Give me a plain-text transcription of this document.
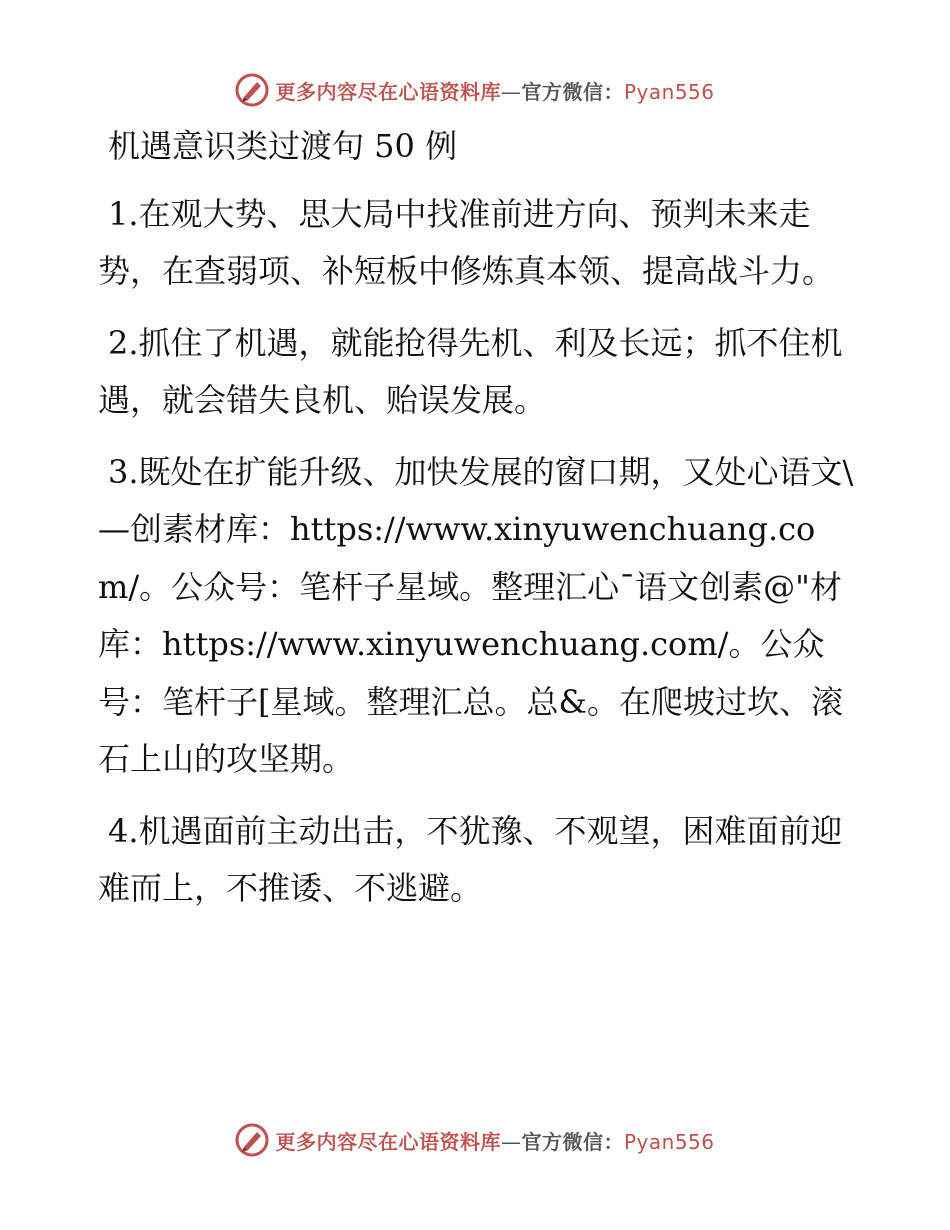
更多内容尽在心语资料库—官方微信：Pyan556
机遇意识类过渡句 50 例

1.在观大势、思大局中找准前进方向、预判未来走势，在查弱项、补短板中修炼真本领、提高战斗力。

2.抓住了机遇，就能抢得先机、利及长远；抓不住机遇，就会错失良机、贻误发展。

3.既处在扩能升级、加快发展的窗口期，又处心语文\—创素材库：https://www.xinyuwenchuang.com/。公众号：笔杆子星域。整理汇心¯语文创素@"材库：https://www.xinyuwenchuang.com/。公众号：笔杆子[星域。整理汇总。总&。在爬坡过坎、滚石上山的攻坚期。

4.机遇面前主动出击，不犹豫、不观望，困难面前迎难而上，不推诿、不逃避。

更多内容尽在心语资料库—官方微信：Pyan556
